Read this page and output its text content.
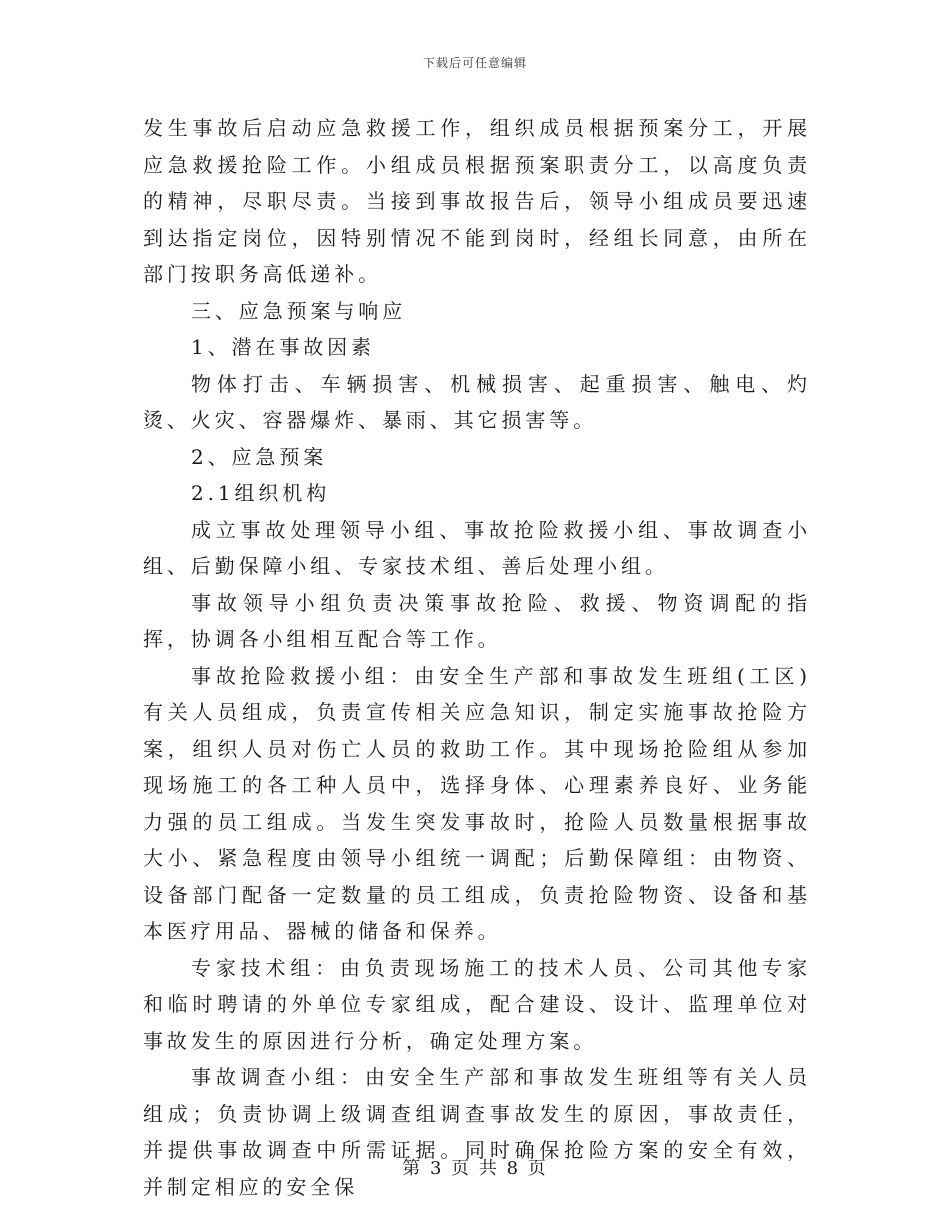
下载后可任意编辑

发生事故后启动应急救援工作，组织成员根据预案分工，开展应急救援抢险工作。小组成员根据预案职责分工，以高度负责的精神，尽职尽责。当接到事故报告后，领导小组成员要迅速到达指定岗位，因特别情况不能到岗时，经组长同意，由所在部门按职务高低递补。

三、应急预案与响应

1、潜在事故因素

物体打击、车辆损害、机械损害、起重损害、触电、灼烫、火灾、容器爆炸、暴雨、其它损害等。

2、应急预案

2.1组织机构

成立事故处理领导小组、事故抢险救援小组、事故调查小组、后勤保障小组、专家技术组、善后处理小组。

事故领导小组负责决策事故抢险、救援、物资调配的指挥，协调各小组相互配合等工作。

事故抢险救援小组：由安全生产部和事故发生班组(工区)有关人员组成，负责宣传相关应急知识，制定实施事故抢险方案，组织人员对伤亡人员的救助工作。其中现场抢险组从参加现场施工的各工种人员中，选择身体、心理素养良好、业务能力强的员工组成。当发生突发事故时，抢险人员数量根据事故大小、紧急程度由领导小组统一调配；后勤保障组：由物资、设备部门配备一定数量的员工组成，负责抢险物资、设备和基本医疗用品、器械的储备和保养。

专家技术组：由负责现场施工的技术人员、公司其他专家和临时聘请的外单位专家组成，配合建设、设计、监理单位对事故发生的原因进行分析，确定处理方案。

事故调查小组：由安全生产部和事故发生班组等有关人员组成；负责协调上级调查组调查事故发生的原因，事故责任，并提供事故调查中所需证据。同时确保抢险方案的安全有效，并制定相应的安全保

第 3 页 共 8 页
